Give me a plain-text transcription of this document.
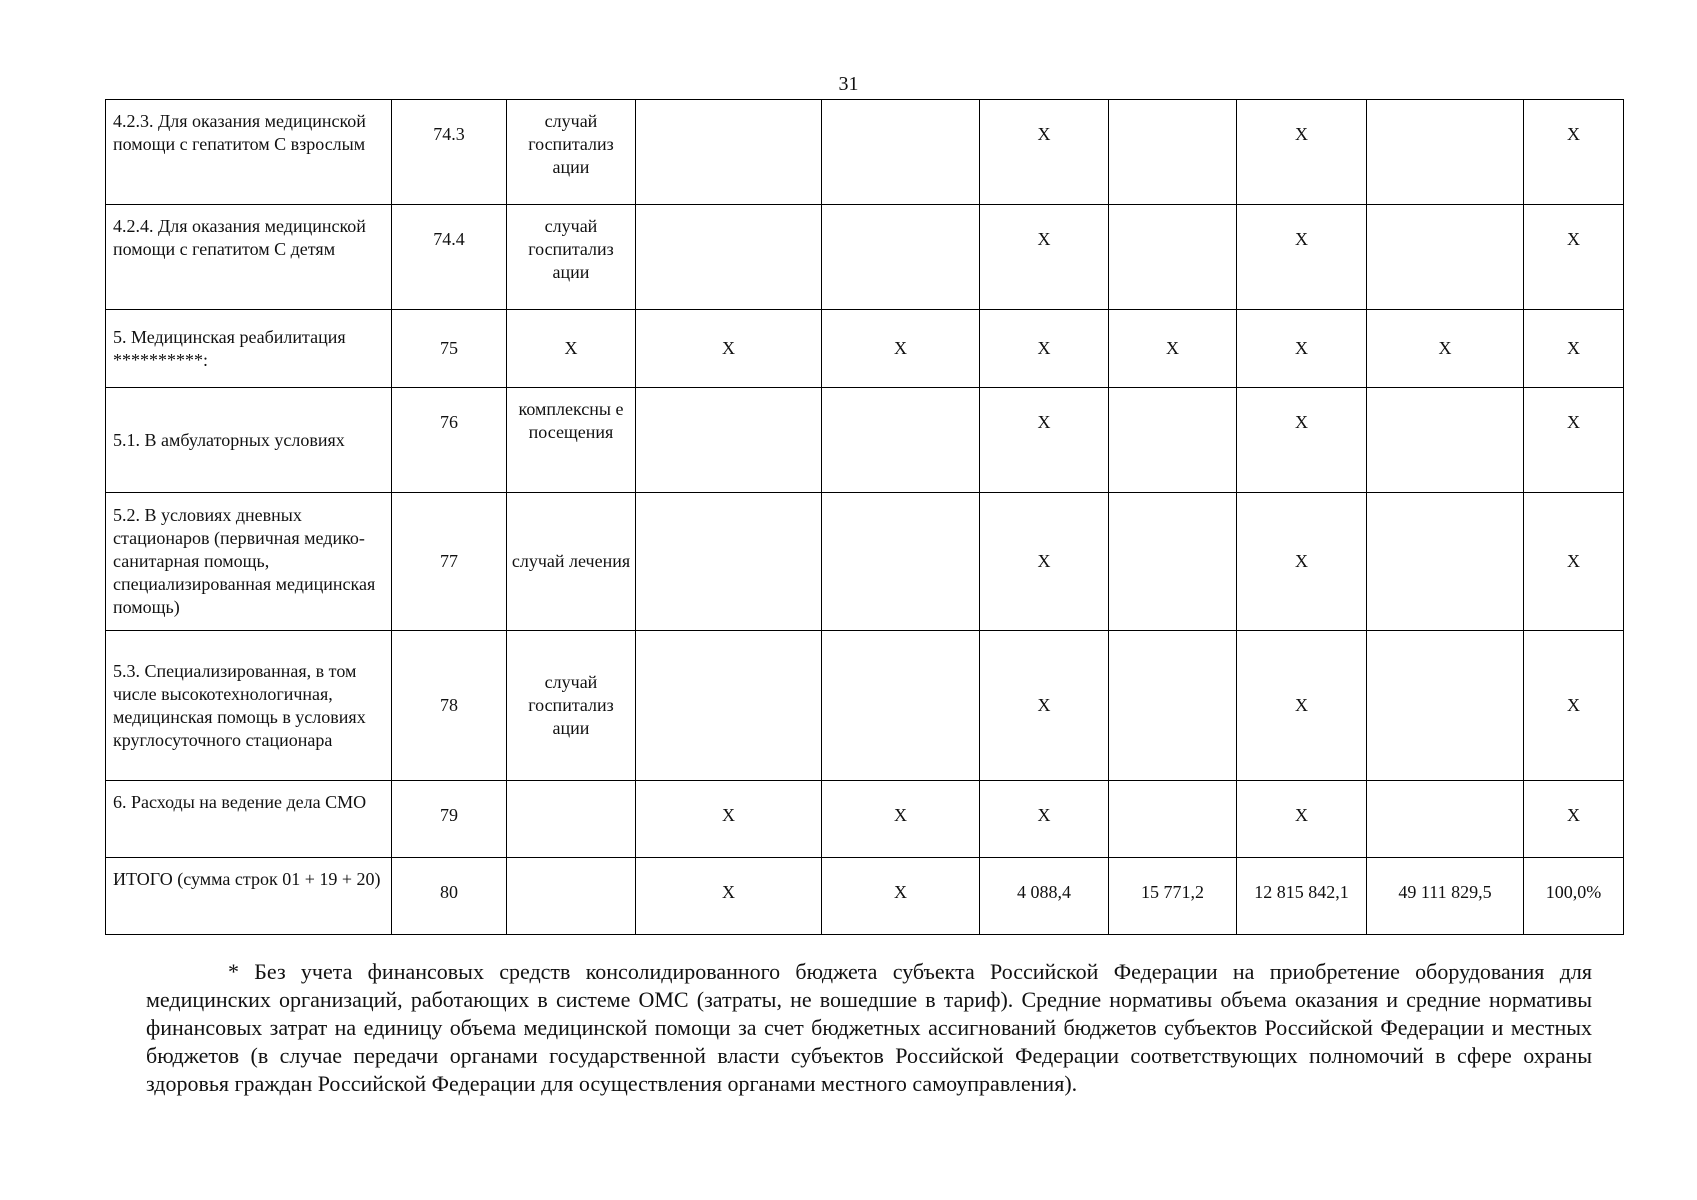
31
4.2.3. Для оказания медицинской помощи с гепатитом С взрослым	74.3	случай госпитализ ации			X		X		X
4.2.4. Для оказания медицинской помощи с гепатитом С детям	74.4	случай госпитализ ации			X		X		X
5. Медицинская реабилитация **********:	75	X	X	X	X	X	X	X	X
5.1. В амбулаторных условиях	76	комплексны е посещения			X		X		X
5.2. В условиях дневных стационаров (первичная медико-санитарная помощь, специализированная медицинская помощь)	77	случай лечения			X		X		X
5.3. Специализированная, в том числе высокотехнологичная, медицинская помощь в условиях круглосуточного стационара	78	случай госпитализ ации			X		X		X
6. Расходы на ведение дела СМО	79		X	X	X		X		X
ИТОГО (сумма строк 01 + 19 + 20)	80		X	X	4 088,4	15 771,2	12 815 842,1	49 111 829,5	100,0%
* Без учета финансовых средств консолидированного бюджета субъекта Российской Федерации на приобретение оборудования для медицинских организаций, работающих в системе ОМС (затраты, не вошедшие в тариф). Средние нормативы объема оказания и средние нормативы финансовых затрат на единицу объема медицинской помощи за счет бюджетных ассигнований бюджетов субъектов Российской Федерации и местных бюджетов (в случае передачи органами государственной власти субъектов Российской Федерации соответствующих полномочий в сфере охраны здоровья граждан Российской Федерации для осуществления органами местного самоуправления).
